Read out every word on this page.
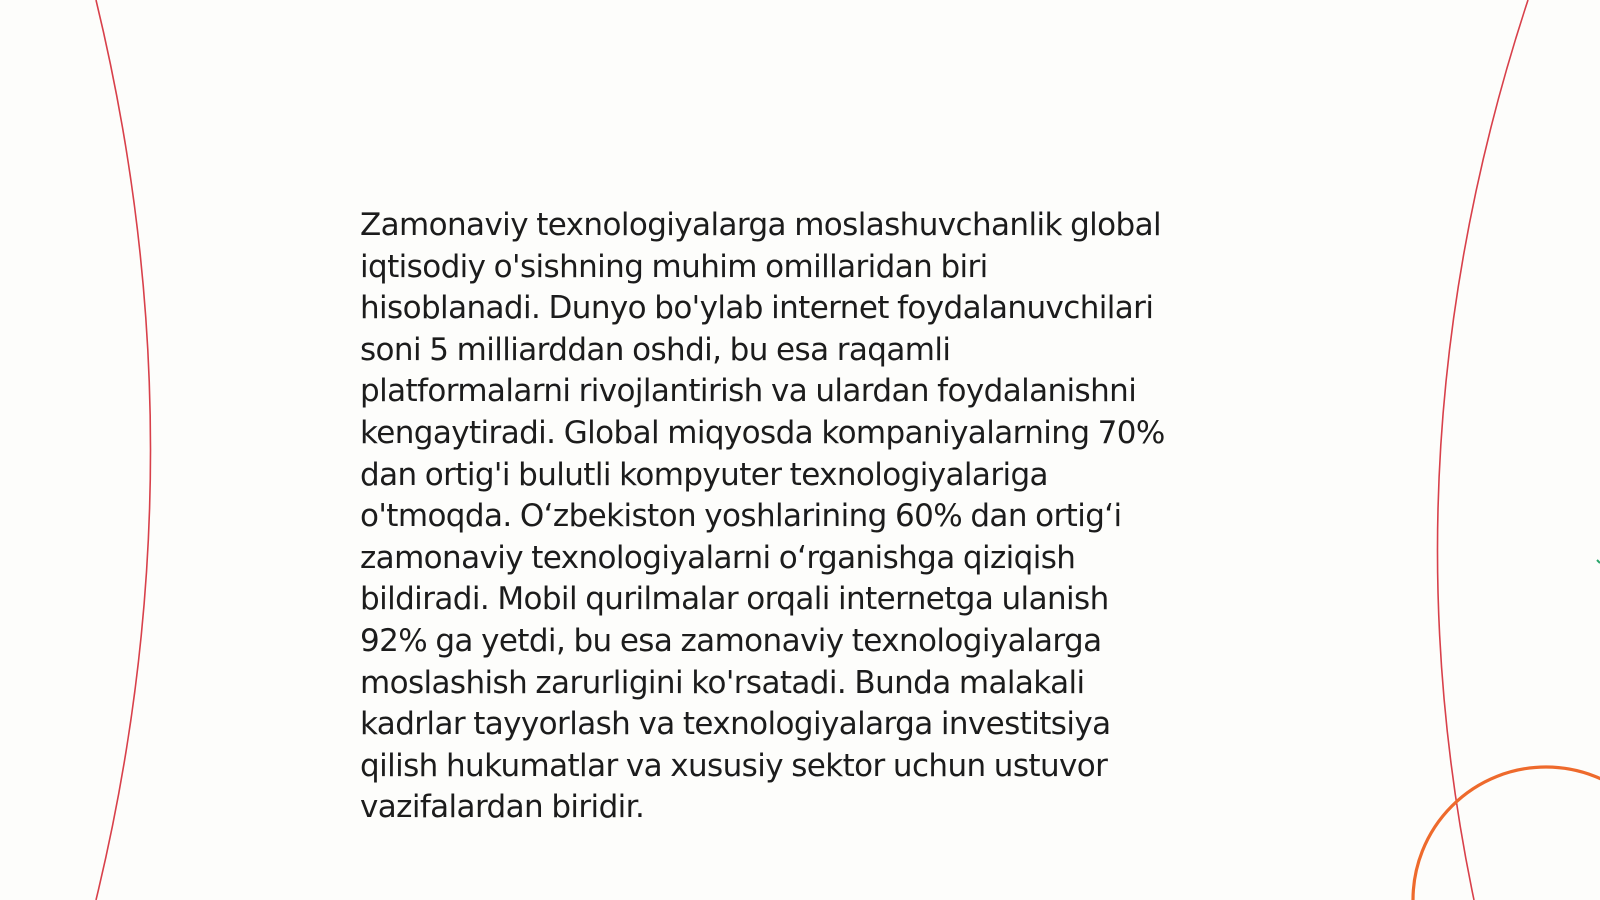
Zamonaviy texnologiyalarga moslashuvchanlik global
iqtisodiy o'sishning muhim omillaridan biri
hisoblanadi. Dunyo bo'ylab internet foydalanuvchilari
soni 5 milliarddan oshdi, bu esa raqamli
platformalarni rivojlantirish va ulardan foydalanishni
kengaytiradi. Global miqyosda kompaniyalarning 70%
dan ortig'i bulutli kompyuter texnologiyalariga
o'tmoqda. O‘zbekiston yoshlarining 60% dan ortig‘i
zamonaviy texnologiyalarni o‘rganishga qiziqish
bildiradi. Mobil qurilmalar orqali internetga ulanish
92% ga yetdi, bu esa zamonaviy texnologiyalarga
moslashish zarurligini ko'rsatadi. Bunda malakali
kadrlar tayyorlash va texnologiyalarga investitsiya
qilish hukumatlar va xususiy sektor uchun ustuvor
vazifalardan biridir.
